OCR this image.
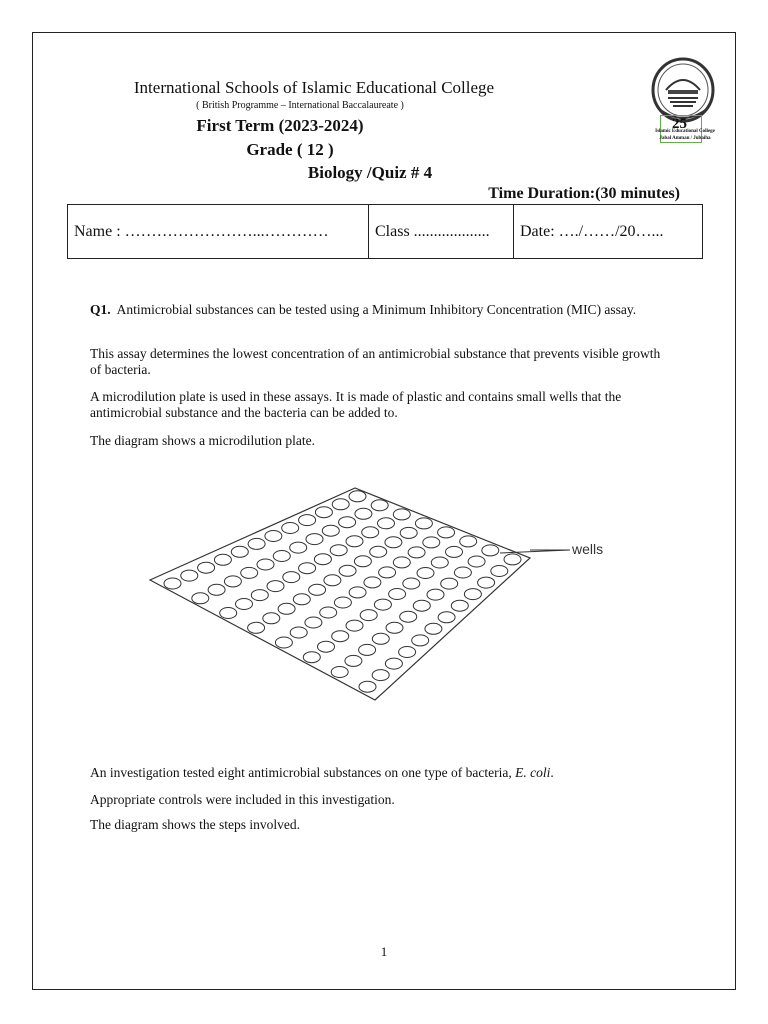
International Schools of Islamic Educational College
( British Programme – International Baccalaureate )
First Term (2023-2024)
Grade ( 12 )
Biology /Quiz # 4
Time Duration:(30 minutes)
Islamic Educational College
Jabal Amman / Jubaiha
25
Name : ……………………...…………	Class ...................	Date: …./……/20…...
Q1. Antimicrobial substances can be tested using a Minimum Inhibitory Concentration (MIC) assay.
This assay determines the lowest concentration of an antimicrobial substance that prevents visible growth of bacteria.
A microdilution plate is used in these assays. It is made of plastic and contains small wells that the antimicrobial substance and the bacteria can be added to.
The diagram shows a microdilution plate.
wells
An investigation tested eight antimicrobial substances on one type of bacteria, E. coli.
Appropriate controls were included in this investigation.
The diagram shows the steps involved.
1
